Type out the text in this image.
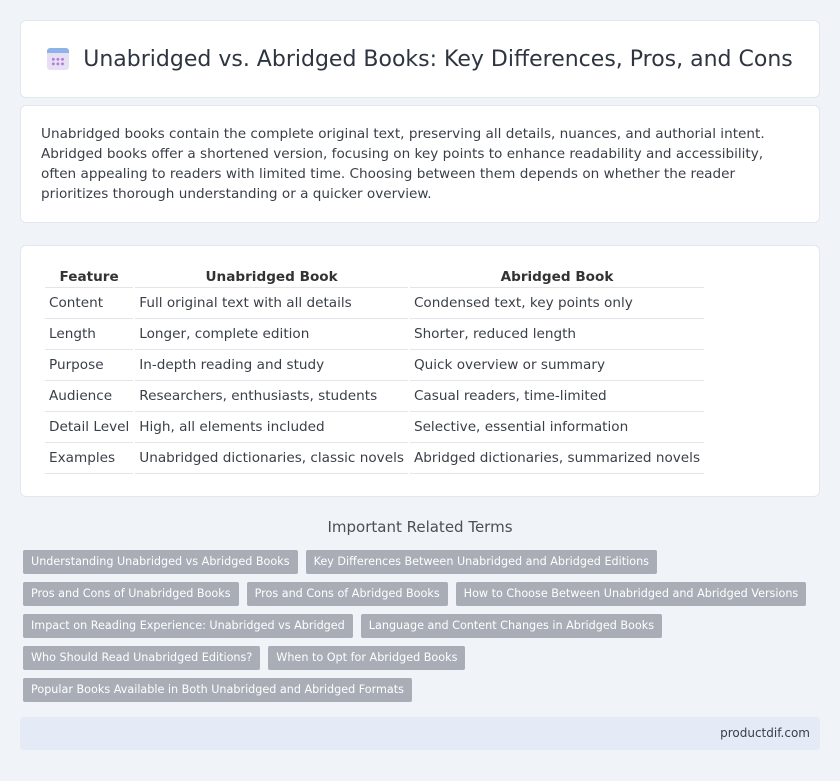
Unabridged vs. Abridged Books: Key Differences, Pros, and Cons

Unabridged books contain the complete original text, preserving all details, nuances, and authorial intent. Abridged books offer a shortened version, focusing on key points to enhance readability and accessibility, often appealing to readers with limited time. Choosing between them depends on whether the reader prioritizes thorough understanding or a quicker overview.

Feature	Unabridged Book	Abridged Book
Content	Full original text with all details	Condensed text, key points only
Length	Longer, complete edition	Shorter, reduced length
Purpose	In-depth reading and study	Quick overview or summary
Audience	Researchers, enthusiasts, students	Casual readers, time-limited
Detail Level	High, all elements included	Selective, essential information
Examples	Unabridged dictionaries, classic novels	Abridged dictionaries, summarized novels
Important Related Terms
Understanding Unabridged vs Abridged Books	Key Differences Between Unabridged and Abridged Editions
Pros and Cons of Unabridged Books	Pros and Cons of Abridged Books	How to Choose Between Unabridged and Abridged Versions
Impact on Reading Experience: Unabridged vs Abridged	Language and Content Changes in Abridged Books
Who Should Read Unabridged Editions?	When to Opt for Abridged Books
Popular Books Available in Both Unabridged and Abridged Formats
productdif.com
